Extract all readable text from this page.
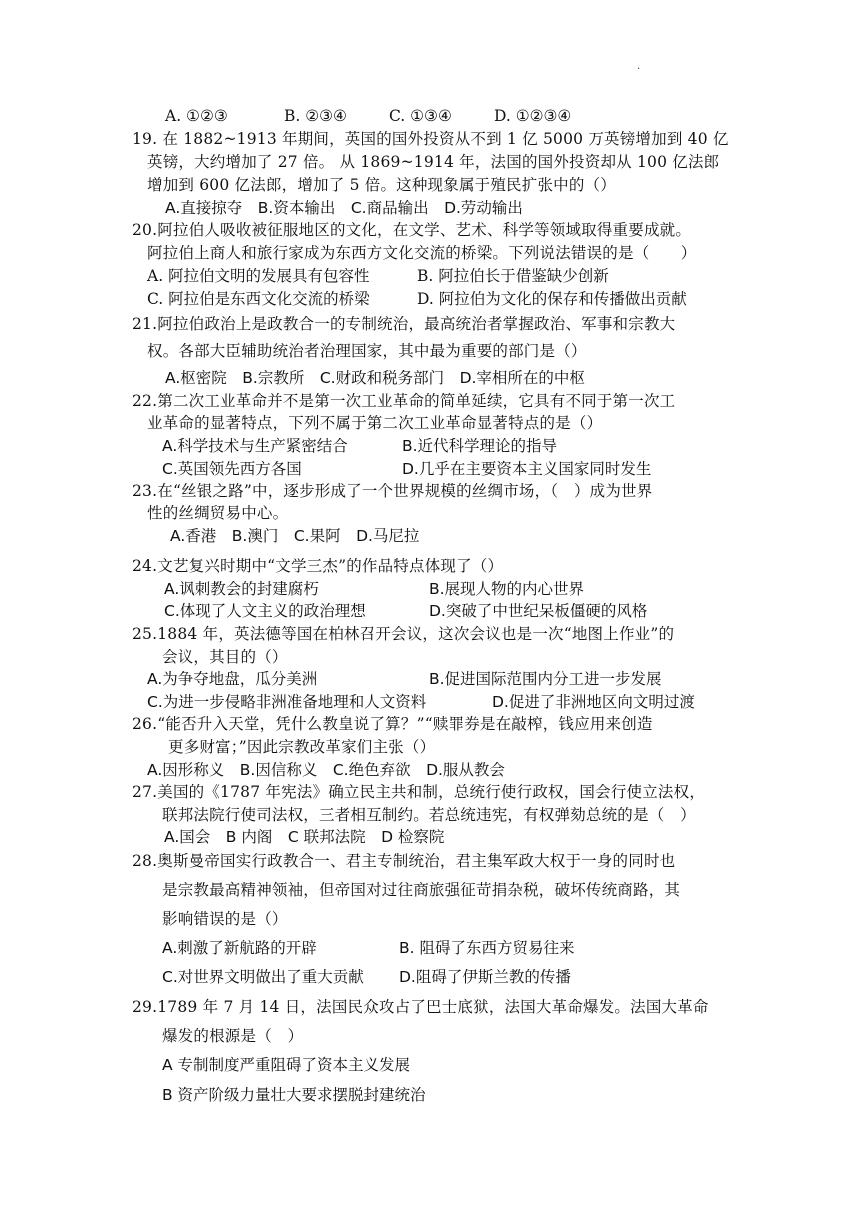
·
A. ①②③	B. ②③④	C. ①③④	D. ①②③④
19. 在 1882~1913 年期间，英国的国外投资从不到 1 亿 5000 万英镑增加到 40 亿
英镑，大约增加了 27 倍。 从 1869~1914 年，法国的国外投资却从 100 亿法郎
增加到 600 亿法郎，增加了 5 倍。这种现象属于殖民扩张中的（）
A.直接掠夺　B.资本输出　C.商品输出　D.劳动输出
20.阿拉伯人吸收被征服地区的文化，在文学、艺术、科学等领域取得重要成就。
阿拉伯上商人和旅行家成为东西方文化交流的桥梁。下列说法错误的是（　　）
A. 阿拉伯文明的发展具有包容性	B. 阿拉伯长于借鉴缺少创新
C. 阿拉伯是东西文化交流的桥梁	D. 阿拉伯为文化的保存和传播做出贡献
21.阿拉伯政治上是政教合一的专制统治，最高统治者掌握政治、军事和宗教大
权。各部大臣辅助统治者治理国家，其中最为重要的部门是（）
A.枢密院　B.宗教所　C.财政和税务部门　D.宰相所在的中枢
22.第二次工业革命并不是第一次工业革命的简单延续，它具有不同于第一次工
业革命的显著特点，下列不属于第二次工业革命显著特点的是（）
A.科学技术与生产紧密结合	B.近代科学理论的指导
C.英国领先西方各国	D.几乎在主要资本主义国家同时发生
23.在“丝银之路”中，逐步形成了一个世界规模的丝绸市场，（　）成为世界
性的丝绸贸易中心。
A.香港　B.澳门　C.果阿　D.马尼拉
24.文艺复兴时期中“文学三杰”的作品特点体现了（）
A.讽刺教会的封建腐朽	B.展现人物的内心世界
C.体现了人文主义的政治理想	D.突破了中世纪呆板僵硬的风格
25.1884 年，英法德等国在柏林召开会议，这次会议也是一次“地图上作业”的
会议，其目的（）
A.为争夺地盘，瓜分美洲	B.促进国际范围内分工进一步发展
C.为进一步侵略非洲准备地理和人文资料	D.促进了非洲地区向文明过渡
26.“能否升入天堂，凭什么教皇说了算？”“赎罪券是在敲榨，钱应用来创造
更多财富；”因此宗教改革家们主张（）
A.因形称义　B.因信称义　C.绝色弃欲　D.服从教会
27.美国的《1787 年宪法》确立民主共和制，总统行使行政权，国会行使立法权，
联邦法院行使司法权，三者相互制约。若总统违宪，有权弹劾总统的是（　）
A.国会　B 内阁　C 联邦法院　D 检察院
28.奥斯曼帝国实行政教合一、君主专制统治，君主集军政大权于一身的同时也
是宗教最高精神领袖，但帝国对过往商旅强征苛捐杂税，破坏传统商路，其
影响错误的是（）
A.刺激了新航路的开辟	B. 阻碍了东西方贸易往来
C.对世界文明做出了重大贡献 D.阻碍了伊斯兰教的传播
29.1789 年 7 月 14 日，法国民众攻占了巴士底狱，法国大革命爆发。法国大革命
爆发的根源是（　）
A 专制制度严重阻碍了资本主义发展
B 资产阶级力量壮大要求摆脱封建统治
